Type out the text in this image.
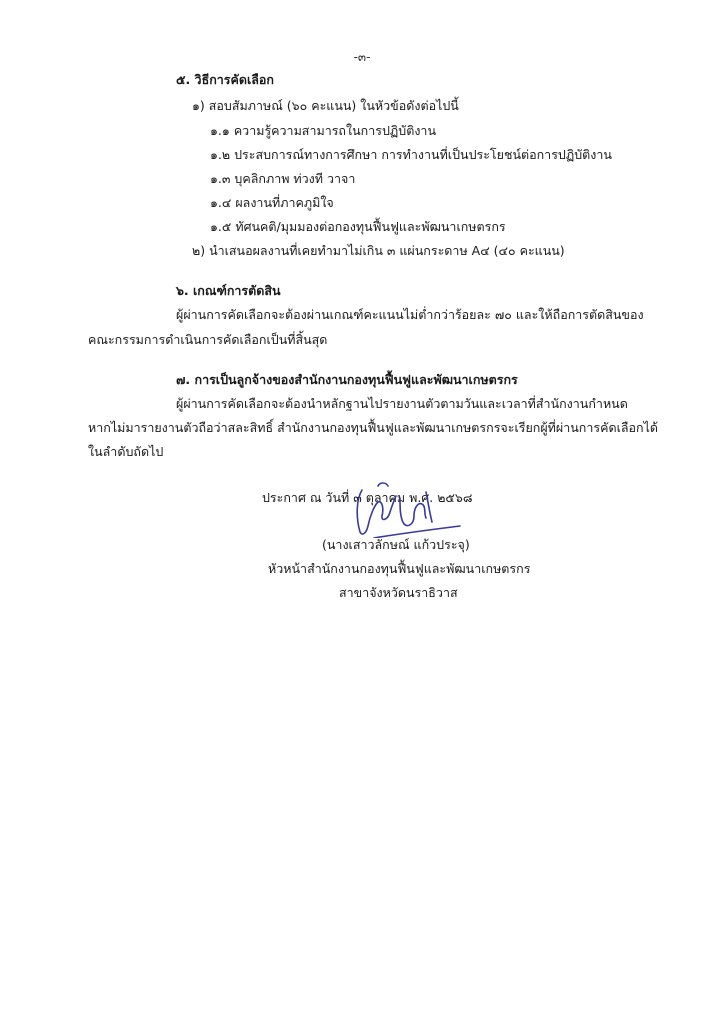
-๓-
๕. วิธีการคัดเลือก
๑) สอบสัมภาษณ์ (๖๐ คะแนน) ในหัวข้อดังต่อไปนี้
๑.๑ ความรู้ความสามารถในการปฏิบัติงาน
๑.๒ ประสบการณ์ทางการศึกษา การทำงานที่เป็นประโยชน์ต่อการปฏิบัติงาน
๑.๓ บุคลิกภาพ ท่วงที วาจา
๑.๔ ผลงานที่ภาคภูมิใจ
๑.๕ ทัศนคติ/มุมมองต่อกองทุนฟื้นฟูและพัฒนาเกษตรกร
๒) นำเสนอผลงานที่เคยทำมาไม่เกิน ๓ แผ่นกระดาษ A๔ (๔๐ คะแนน)
๖. เกณฑ์การตัดสิน
ผู้ผ่านการคัดเลือกจะต้องผ่านเกณฑ์คะแนนไม่ต่ำกว่าร้อยละ ๗๐ และให้ถือการตัดสินของ
คณะกรรมการดำเนินการคัดเลือกเป็นที่สิ้นสุด
๗. การเป็นลูกจ้างของสำนักงานกองทุนฟื้นฟูและพัฒนาเกษตรกร
ผู้ผ่านการคัดเลือกจะต้องนำหลักฐานไปรายงานตัวตามวันและเวลาที่สำนักงานกำหนด
หากไม่มารายงานตัวถือว่าสละสิทธิ์ สำนักงานกองทุนฟื้นฟูและพัฒนาเกษตรกรจะเรียกผู้ที่ผ่านการคัดเลือกได้
ในลำดับถัดไป
ประกาศ ณ วันที่ ๓ ตุลาคม พ.ศ. ๒๕๖๘
(นางเสาวลักษณ์ แก้วประจุ)
หัวหน้าสำนักงานกองทุนฟื้นฟูและพัฒนาเกษตรกร
สาขาจังหวัดนราธิวาส
